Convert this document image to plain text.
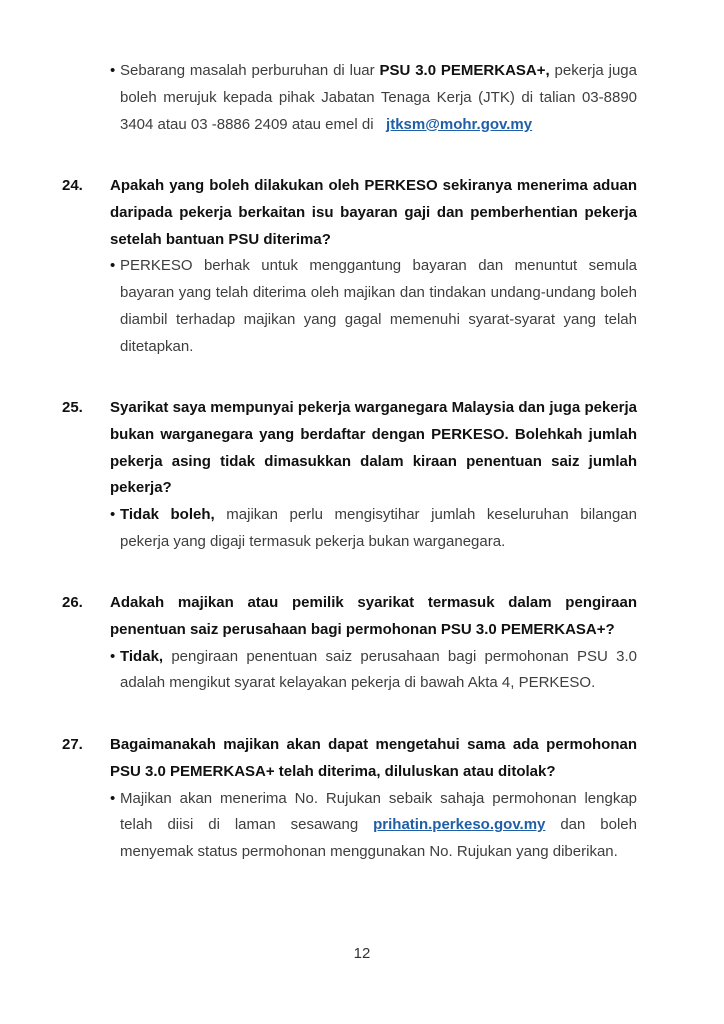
• Sebarang masalah perburuhan di luar PSU 3.0 PEMERKASA+, pekerja juga boleh merujuk kepada pihak Jabatan Tenaga Kerja (JTK) di talian 03-8890 3404 atau 03 -8886 2409 atau emel di   jtksm@mohr.gov.my
24. Apakah yang boleh dilakukan oleh PERKESO sekiranya menerima aduan daripada pekerja berkaitan isu bayaran gaji dan pemberhentian pekerja setelah bantuan PSU diterima?
• PERKESO berhak untuk menggantung bayaran dan menuntut semula bayaran yang telah diterima oleh majikan dan tindakan undang-undang boleh diambil terhadap majikan yang gagal memenuhi syarat-syarat yang telah ditetapkan.
25. Syarikat saya mempunyai pekerja warganegara Malaysia dan juga pekerja bukan warganegara yang berdaftar dengan PERKESO. Bolehkah jumlah pekerja asing tidak dimasukkan dalam kiraan penentuan saiz jumlah pekerja?
• Tidak boleh, majikan perlu mengisytihar jumlah keseluruhan bilangan pekerja yang digaji termasuk pekerja bukan warganegara.
26. Adakah majikan atau pemilik syarikat termasuk dalam pengiraan penentuan saiz perusahaan bagi permohonan PSU 3.0 PEMERKASA+?
• Tidak, pengiraan penentuan saiz perusahaan bagi permohonan PSU 3.0 adalah mengikut syarat kelayakan pekerja di bawah Akta 4, PERKESO.
27. Bagaimanakah majikan akan dapat mengetahui sama ada permohonan PSU 3.0 PEMERKASA+ telah diterima, diluluskan atau ditolak?
• Majikan akan menerima No. Rujukan sebaik sahaja permohonan lengkap telah diisi di laman sesawang prihatin.perkeso.gov.my dan boleh menyemak status permohonan menggunakan No. Rujukan yang diberikan.
12
